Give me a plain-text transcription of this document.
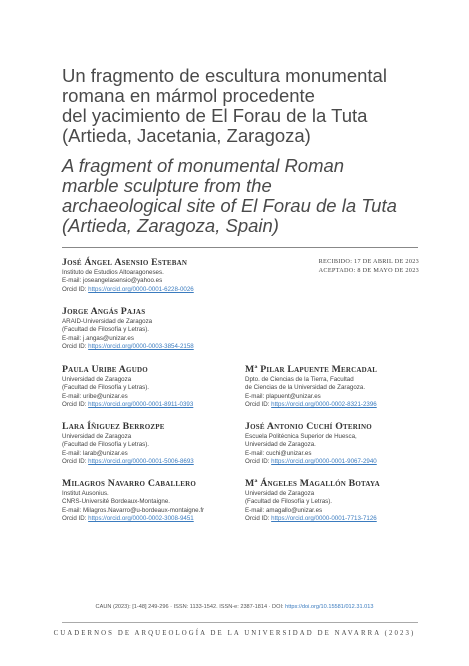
Un fragmento de escultura monumental
romana en mármol procedente
del yacimiento de El Forau de la Tuta
(Artieda, Jacetania, Zaragoza)
A fragment of monumental Roman
marble sculpture from the
archaeological site of El Forau de la Tuta
(Artieda, Zaragoza, Spain)
RECIBIDO: 17 DE ABRIL DE 2023
ACEPTADO: 8 DE MAYO DE 2023
José Ángel Asensio Esteban
Instituto de Estudios Altoaragoneses.
E-mail: joseangelasensio@yahoo.es
Orcid ID: https://orcid.org/0000-0001-6228-0026
Jorge Angás Pajas
ARAID-Universidad de Zaragoza
(Facultad de Filosofía y Letras).
E-mail: j.angas@unizar.es
Orcid ID: https://orcid.org/0000-0003-3854-2158
Paula Uribe Agudo
Universidad de Zaragoza
(Facultad de Filosofía y Letras).
E-mail: uribe@unizar.es
Orcid ID: https://orcid.org/0000-0001-8911-0393
Lara Íñiguez Berrozpe
Universidad de Zaragoza
(Facultad de Filosofía y Letras).
E-mail: larab@unizar.es
Orcid ID: https://orcid.org/0000-0001-5006-8693
Milagros Navarro Caballero
Institut Ausonius.
CNRS-Université Bordeaux-Montaigne.
E-mail: Milagros.Navarro@u-bordeaux-montaigne.fr
Orcid ID: https://orcid.org/0000-0002-3008-9451
Mª Pilar Lapuente Mercadal
Dpto. de Ciencias de la Tierra, Facultad
de Ciencias de la Universidad de Zaragoza.
E-mail: plapuent@unizar.es
Orcid ID: https://orcid.org/0000-0002-8321-2396
José Antonio Cuchí Oterino
Escuela Politécnica Superior de Huesca,
Universidad de Zaragoza.
E-mail: cuchi@unizar.es
Orcid ID: https://orcid.org/0000-0001-9067-2940
Mª Ángeles Magallón Botaya
Universidad de Zaragoza
(Facultad de Filosofía y Letras).
E-mail: amagallo@unizar.es
Orcid ID: https://orcid.org/0000-0001-7713-7126
CAUN (2023): [1-48] 249-296 · ISSN: 1133-1542. ISSN-e: 2387-1814 · DOI: https://doi.org/10.15581/012.31.013
CUADERNOS DE ARQUEOLOGÍA DE LA UNIVERSIDAD DE NAVARRA (2023)
